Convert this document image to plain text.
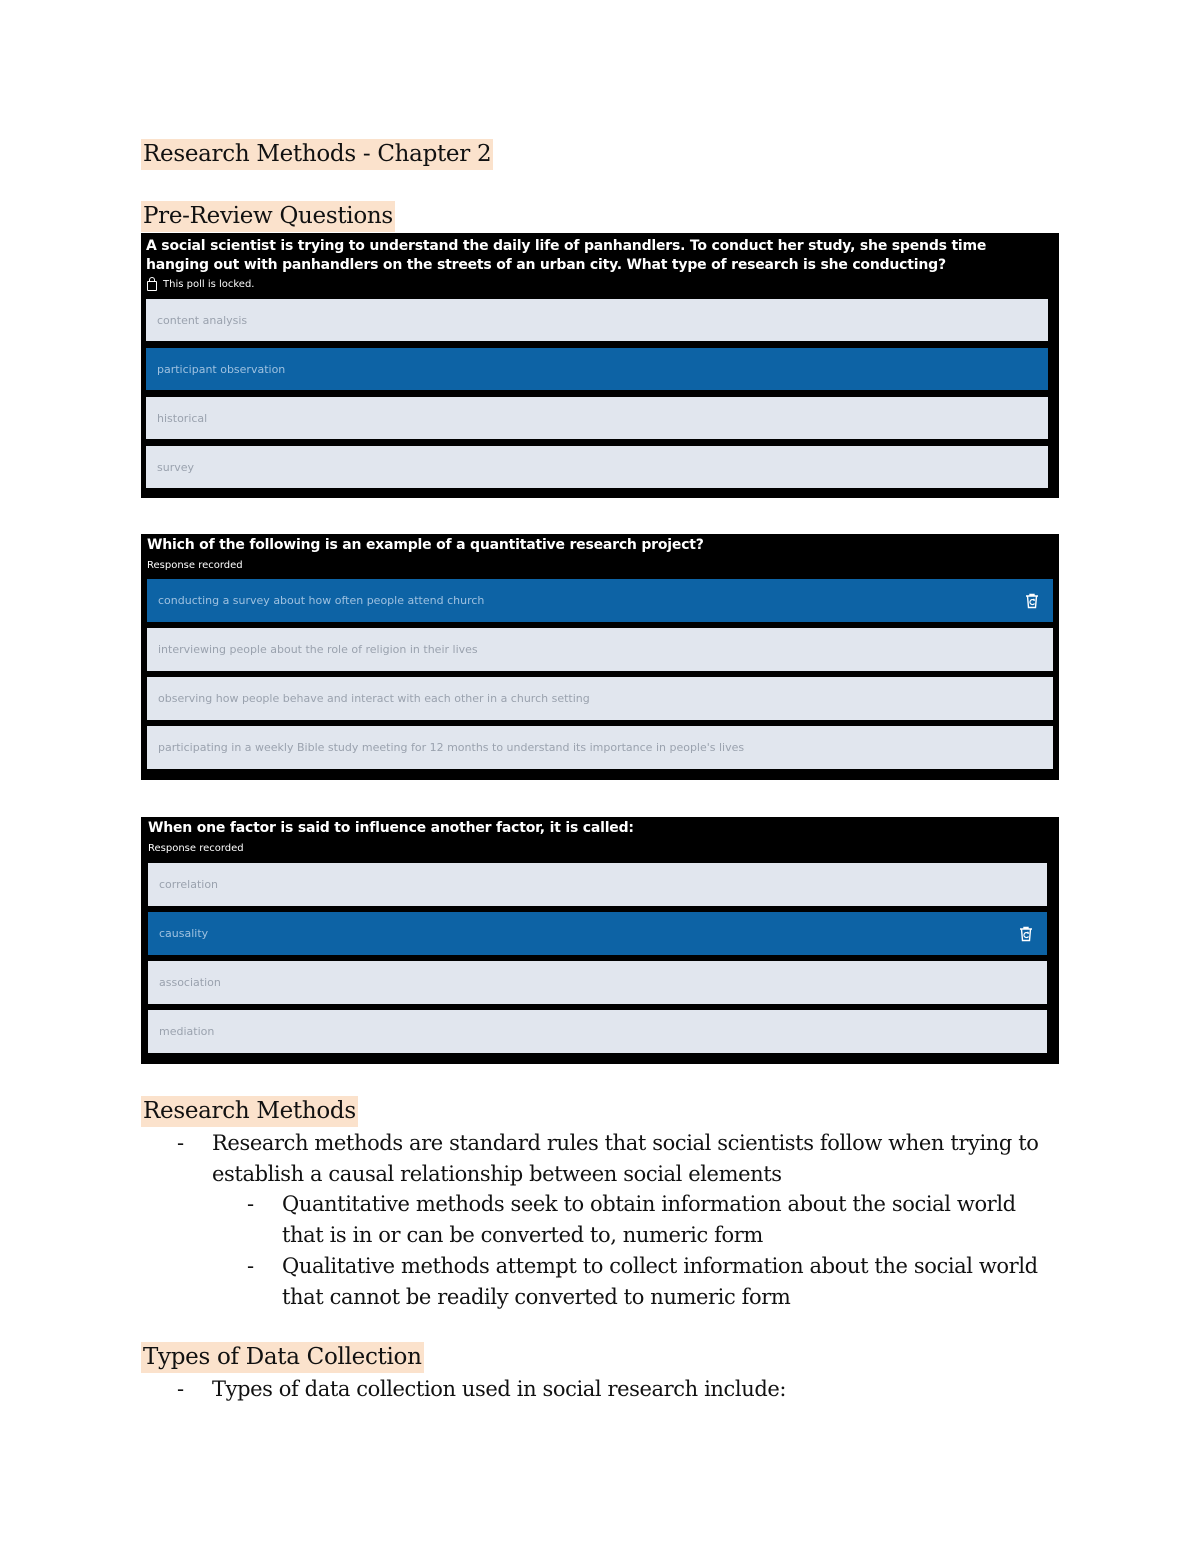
Research Methods - Chapter 2
Pre-Review Questions
A social scientist is trying to understand the daily life of panhandlers. To conduct her study, she spends time hanging out with panhandlers on the streets of an urban city. What type of research is she conducting?
This poll is locked.
content analysis
participant observation
historical
survey
Which of the following is an example of a quantitative research project?
Response recorded
conducting a survey about how often people attend church
interviewing people about the role of religion in their lives
observing how people behave and interact with each other in a church setting
participating in a weekly Bible study meeting for 12 months to understand its importance in people's lives
When one factor is said to influence another factor, it is called:
Response recorded
correlation
causality
association
mediation
Research Methods
- Research methods are standard rules that social scientists follow when trying to establish a causal relationship between social elements
- Quantitative methods seek to obtain information about the social world that is in or can be converted to, numeric form
- Qualitative methods attempt to collect information about the social world that cannot be readily converted to numeric form
Types of Data Collection
- Types of data collection used in social research include:
